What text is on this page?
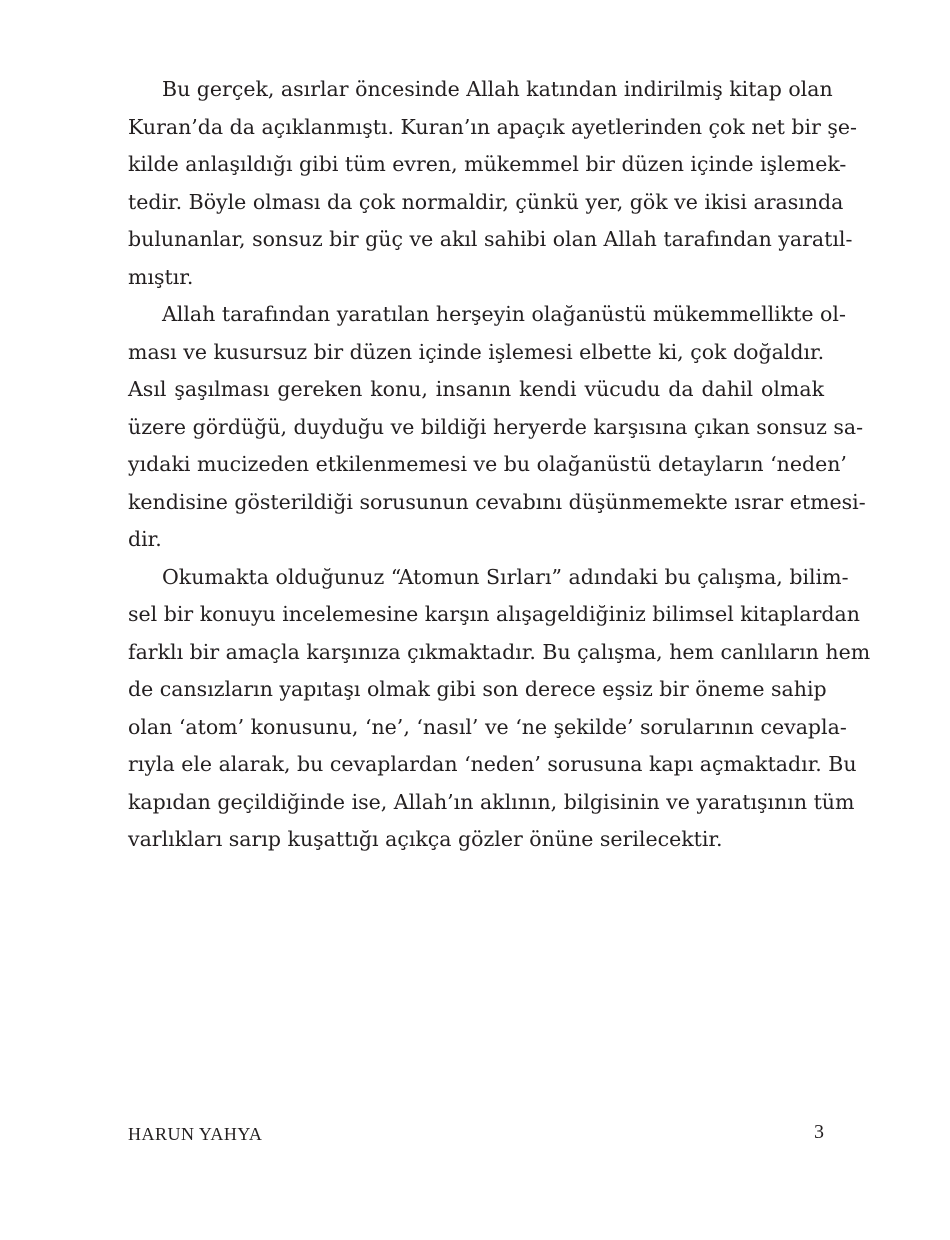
Bu gerçek, asırlar öncesinde Allah katından indirilmiş kitap olan
Kuran’da da açıklanmıştı. Kuran’ın apaçık ayetlerinden çok net bir şe-
kilde anlaşıldığı gibi tüm evren, mükemmel bir düzen içinde işlemek-
tedir. Böyle olması da çok normaldir, çünkü yer, gök ve ikisi arasında
bulunanlar, sonsuz bir güç ve akıl sahibi olan Allah tarafından yaratıl-
mıştır.
Allah tarafından yaratılan herşeyin olağanüstü mükemmellikte ol-
ması ve kusursuz bir düzen içinde işlemesi elbette ki, çok doğaldır.
Asıl şaşılması gereken konu, insanın kendi vücudu da dahil olmak
üzere gördüğü, duyduğu ve bildiği heryerde karşısına çıkan sonsuz sa-
yıdaki mucizeden etkilenmemesi ve bu olağanüstü detayların ‘neden’
kendisine gösterildiği sorusunun cevabını düşünmemekte ısrar etmesi-
dir.
Okumakta olduğunuz “Atomun Sırları” adındaki bu çalışma, bilim-
sel bir konuyu incelemesine karşın alışageldiğiniz bilimsel kitaplardan
farklı bir amaçla karşınıza çıkmaktadır. Bu çalışma, hem canlıların hem
de cansızların yapıtaşı olmak gibi son derece eşsiz bir öneme sahip
olan ‘atom’ konusunu, ‘ne’, ‘nasıl’ ve ‘ne şekilde’ sorularının cevapla-
rıyla ele alarak, bu cevaplardan ‘neden’ sorusuna kapı açmaktadır. Bu
kapıdan geçildiğinde ise, Allah’ın aklının, bilgisinin ve yaratışının tüm
varlıkları sarıp kuşattığı açıkça gözler önüne serilecektir.
HARUN YAHYA	3
